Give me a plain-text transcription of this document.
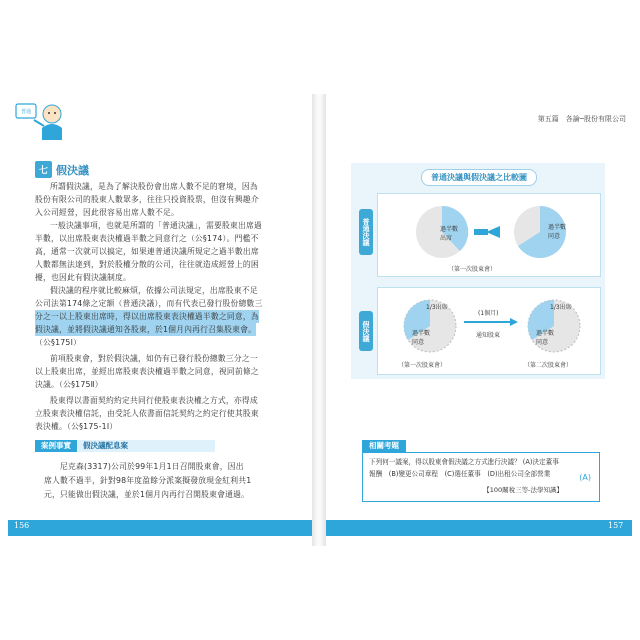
普通
第五篇　各論─股份有限公司
七 假決議
所謂假決議，是為了解決股份會出席人數不足的窘境，因為
股份有限公司的股東人數眾多，往往只投資股票，但沒有興趣介
入公司經營，因此很容易出席人數不足。
一般決議事項，也就是所謂的「普通決議」，需要股東出席過
半數，以出席股東表決權過半數之同意行之（公§174）。門檻不
高，通常一次就可以搞定，如果連普通決議所規定之過半數出席
人數都無法達到，對於股權分散的公司，往往就造成經營上的困
擾，也因此有假決議制度。
假決議的程序就比較麻煩，依據公司法規定，出席股東不足
公司法第174條之定額（普通決議），而有代表已發行股份總數三
分之一以上股東出席時，得以出席股東表決權過半數之同意，為
假決議，並將假決議通知各股東，於1個月內再行召集股東會。
（公§175Ⅰ）
前項股東會，對於假決議，如仍有已發行股份總數三分之一
以上股東出席，並經出席股東表決權過半數之同意，視同前條之
決議。（公§175Ⅱ）
股東得以書面契約約定共同行使股東表決權之方式，亦得成
立股東表決權信託，由受託人依書面信託契約之約定行使其股東
表決權。（公§175-1Ⅰ）
案例事實	假決議配息案
尼克森(3317)公司於99年1月1日召開股東會，因出
席人數不過半，針對98年度盈餘分派案擬發放現金紅利共1
元，只能做出假決議，並於1個月內再行召開股東會通過。
普通決議與假決議之比較圖
普通決議	過半數出席
過半數同意
（第一次股東會）
假決議
1/3出席
過半數同意
(1個月)
通知股東
1/3出席
過半數同意
（第一次股東會）	（第二次股東會）
相關考題
下列何一議案，得以股東會假決議之方式進行決議？ (A)決定董事
報酬　(B)變更公司章程　(C)選任董事　(D)出租公司全部營業	(A)
【100關稅三等-法學知識】
156	157
